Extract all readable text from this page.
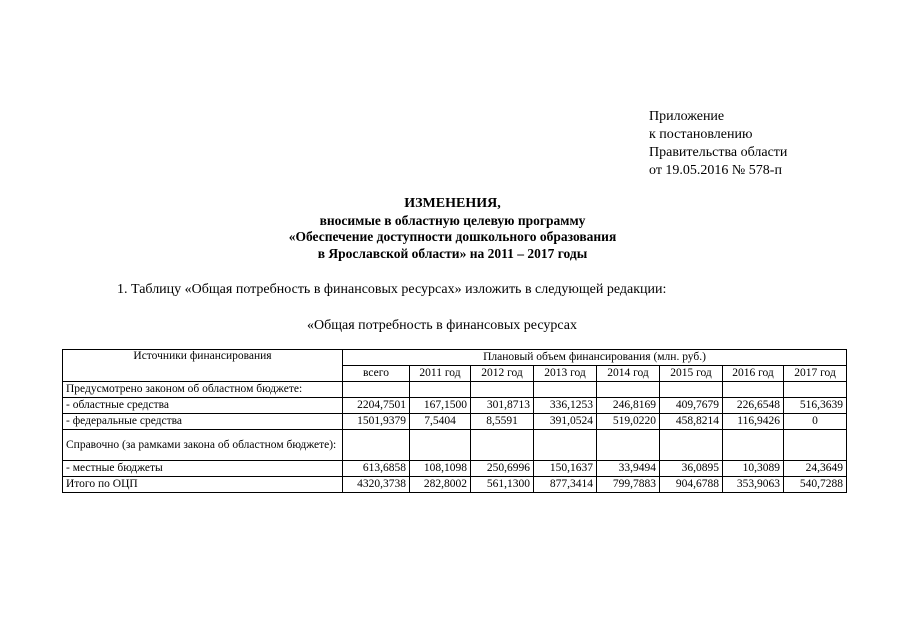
Приложение
к постановлению
Правительства области
от 19.05.2016 № 578-п
ИЗМЕНЕНИЯ,
вносимые в областную целевую программу
«Обеспечение доступности дошкольного образования
в Ярославской области» на 2011 – 2017 годы
1. Таблицу «Общая потребность в финансовых ресурсах» изложить в следующей редакции:
«Общая потребность в финансовых ресурсах
Источники финансирования	Плановый объем финансирования (млн. руб.)							
	всего	2011 год	2012 год	2013 год	2014 год	2015 год	2016 год	2017 год
Предусмотрено законом об областном бюджете:								
- областные средства	2204,7501	167,1500	301,8713	336,1253	246,8169	409,7679	226,6548	516,3639
- федеральные средства	1501,9379	7,5404	8,5591	391,0524	519,0220	458,8214	116,9426	0
Справочно (за рамками закона об областном бюджете):								
- местные бюджеты	613,6858	108,1098	250,6996	150,1637	33,9494	36,0895	10,3089	24,3649
Итого по ОЦП	4320,3738	282,8002	561,1300	877,3414	799,7883	904,6788	353,9063	540,7288
